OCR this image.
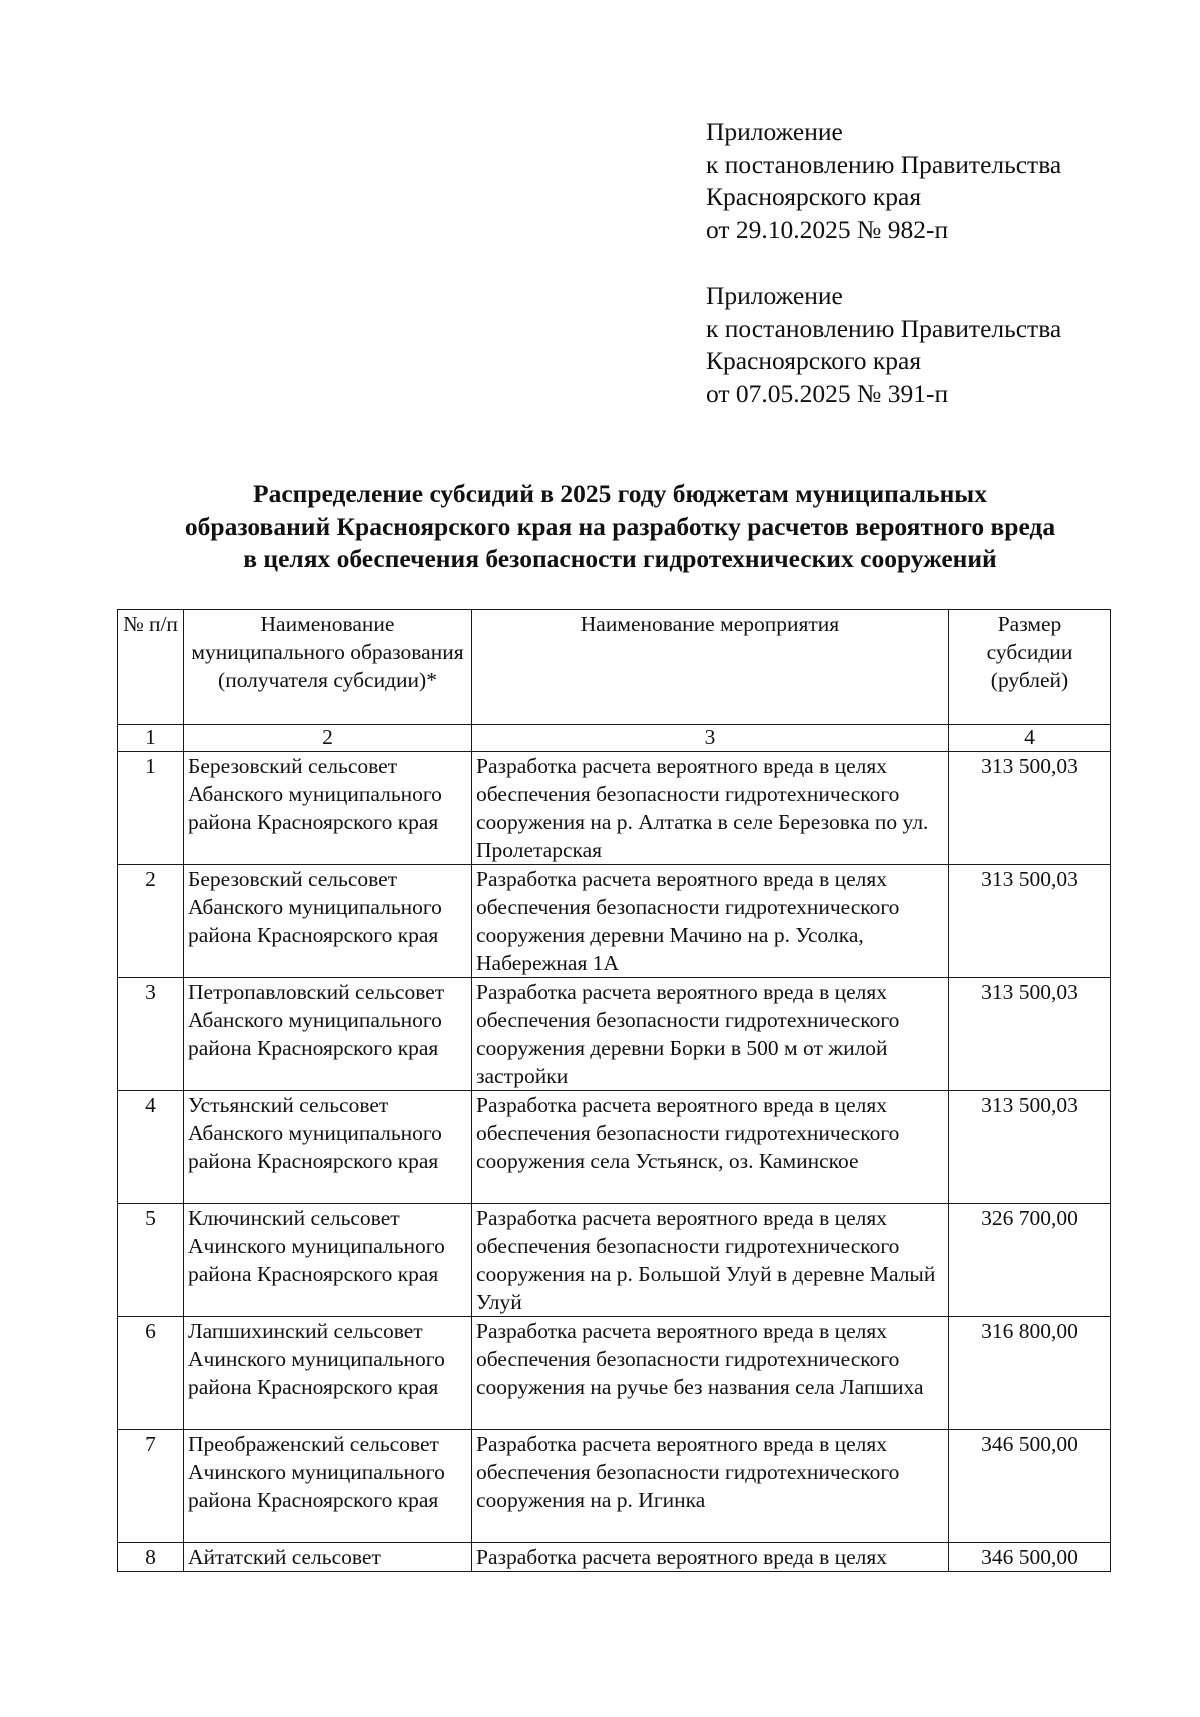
Приложение
к постановлению Правительства
Красноярского края
от 29.10.2025 № 982-п
Приложение
к постановлению Правительства
Красноярского края
от 07.05.2025 № 391-п
Распределение субсидий в 2025 году бюджетам муниципальных
образований Красноярского края на разработку расчетов вероятного вреда
в целях обеспечения безопасности гидротехнических сооружений
№ п/п	Наименование муниципального образования (получателя субсидии)*	Наименование мероприятия	Размер субсидии (рублей)
1	2	3	4
1	Березовский сельсовет Абанского муниципального района Красноярского края	Разработка расчета вероятного вреда в целях обеспечения безопасности гидротехнического сооружения на р. Алтатка в селе Березовка по ул. Пролетарская	313 500,03
2	Березовский сельсовет Абанского муниципального района Красноярского края	Разработка расчета вероятного вреда в целях обеспечения безопасности гидротехнического сооружения деревни Мачино на р. Усолка, Набережная 1А	313 500,03
3	Петропавловский сельсовет Абанского муниципального района Красноярского края	Разработка расчета вероятного вреда в целях обеспечения безопасности гидротехнического сооружения деревни Борки в 500 м от жилой застройки	313 500,03
4	Устьянский сельсовет Абанского муниципального района Красноярского края	Разработка расчета вероятного вреда в целях обеспечения безопасности гидротехнического сооружения села Устьянск, оз. Каминское	313 500,03
5	Ключинский сельсовет Ачинского муниципального района Красноярского края	Разработка расчета вероятного вреда в целях обеспечения безопасности гидротехнического сооружения на р. Большой Улуй в деревне Малый Улуй	326 700,00
6	Лапшихинский сельсовет Ачинского муниципального района Красноярского края	Разработка расчета вероятного вреда в целях обеспечения безопасности гидротехнического сооружения на ручье без названия села Лапшиха	316 800,00
7	Преображенский сельсовет Ачинского муниципального района Красноярского края	Разработка расчета вероятного вреда в целях обеспечения безопасности гидротехнического сооружения на р. Игинка	346 500,00
8	Айтатский сельсовет	Разработка расчета вероятного вреда в целях	346 500,00
